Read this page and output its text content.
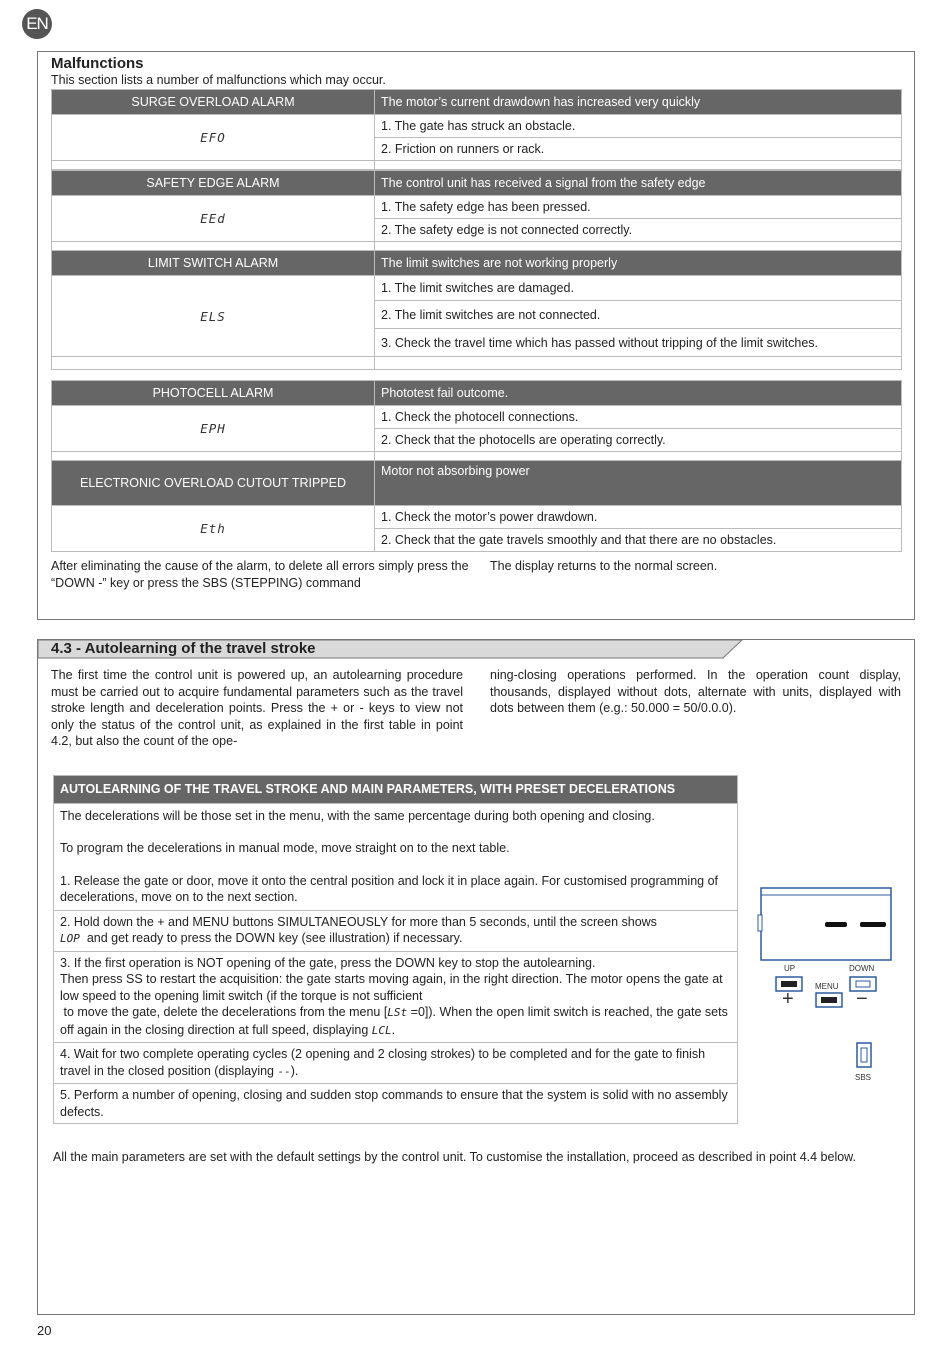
EN
Malfunctions
This section lists a number of malfunctions which may occur.
SURGE OVERLOAD ALARM	The motor’s current drawdown has increased very quickly
EFO	1. The gate has struck an obstacle.
	2. Friction on runners or rack.

SAFETY EDGE ALARM	The control unit has received a signal from the safety edge
EEd	1. The safety edge has been pressed.
	2. The safety edge is not connected correctly.

LIMIT SWITCH ALARM	The limit switches are not working properly
ELS	1. The limit switches are damaged.
	2. The limit switches are not connected.
	3. Check the travel time which has passed without tripping of the limit switches.

PHOTOCELL ALARM	Phototest fail outcome.
EPH	1. Check the photocell connections.
	2. Check that the photocells are operating correctly.

ELECTRONIC OVERLOAD CUTOUT TRIPPED	Motor not absorbing power
Eth	1. Check the motor’s power drawdown.
	2. Check that the gate travels smoothly and that there are no obstacles.
After eliminating the cause of the alarm, to delete all errors simply press the “DOWN -” key or press the SBS (STEPPING) command
The display returns to the normal screen.
4.3 - Autolearning of the travel stroke
The first time the control unit is powered up, an autolearning procedure must be carried out to acquire fundamental parameters such as the travel stroke length and deceleration points. Press the + or - keys to view not only the status of the control unit, as explained in the first table in point 4.2, but also the count of the ope-
ning-closing operations performed. In the operation count display, thousands, displayed without dots, alternate with units, displayed with dots between them (e.g.: 50.000 = 50/0.0.0).
AUTOLEARNING OF THE TRAVEL STROKE AND MAIN PARAMETERS, WITH PRESET DECELERATIONS

The decelerations will be those set in the menu, with the same percentage during both opening and closing.
To program the decelerations in manual mode, move straight on to the next table.
1. Release the gate or door, move it onto the central position and lock it in place again. For customised programming of decelerations, move on to the next section.

2. Hold down the + and MENU buttons SIMULTANEOUSLY for more than 5 seconds, until the screen shows
LOP and get ready to press the DOWN key (see illustration) if necessary.

3. If the first operation is NOT opening of the gate, press the DOWN key to stop the autolearning.
Then press SS to restart the acquisition: the gate starts moving again, in the right direction. The motor opens the gate at low speed to the opening limit switch (if the torque is not sufficient
to move the gate, delete the decelerations from the menu [LSt =0]). When the open limit switch is reached, the gate sets off again in the closing direction at full speed, displaying LCL.

4. Wait for two complete operating cycles (2 opening and 2 closing strokes) to be completed and for the gate to finish travel in the closed position (displaying --).
5. Perform a number of opening, closing and sudden stop commands to ensure that the system is solid with no assembly defects.
UP	DOWN
MENU
SBS
+	−
All the main parameters are set with the default settings by the control unit. To customise the installation, proceed as described in point 4.4 below.
20
